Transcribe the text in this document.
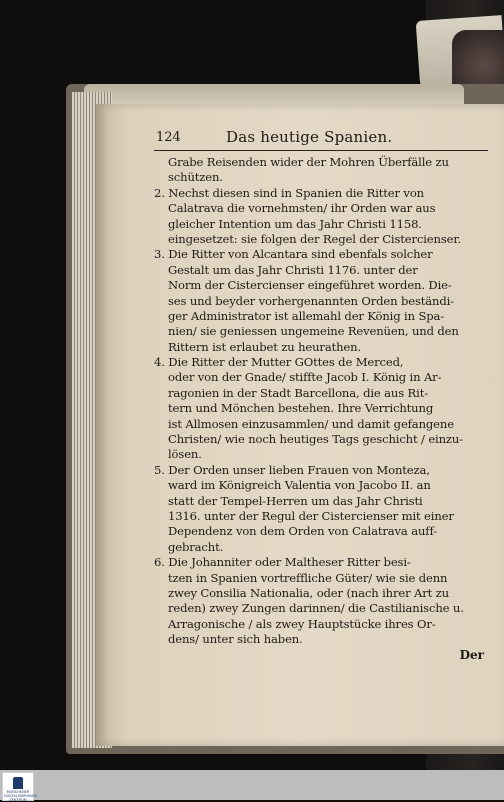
124	Das heutige Spanien.
Grabe Reisenden wider der Mohren Überfälle zu
schützen.
2. Nechst diesen sind in Spanien die Ritter von
Calatrava die vornehmsten/ ihr Orden war aus
gleicher Intention um das Jahr Christi 1158.
eingesetzet: sie folgen der Regel der Cistercienser.
3. Die Ritter von Alcantara sind ebenfals solcher
Gestalt um das Jahr Christi 1176. unter der
Norm der Cistercienser eingeführet worden. Die-
ses und beyder vorhergenannten Orden beständi-
ger Administrator ist allemahl der König in Spa-
nien/ sie geniessen ungemeine Revenüen, und den
Rittern ist erlaubet zu heurathen.
4. Die Ritter der Mutter GOttes de Merced,
oder von der Gnade/ stiffte Jacob I. König in Ar-
ragonien in der Stadt Barcellona, die aus Rit-
tern und Mönchen bestehen. Ihre Verrichtung
ist Allmosen einzusammlen/ und damit gefangene
Christen/ wie noch heutiges Tags geschicht / einzu-
lösen.
5. Der Orden unser lieben Frauen von Monteza,
ward im Königreich Valentia von Jacobo II. an
statt der Tempel-Herren um das Jahr Christi
1316. unter der Regul der Cistercienser mit einer
Dependenz von dem Orden von Calatrava auff-
gebracht.
6. Die Johanniter oder Maltheser Ritter besi-
tzen in Spanien vortreffliche Güter/ wie sie denn
zwey Consilia Nationalia, oder (nach ihrer Art zu
reden) zwey Zungen darinnen/ die Castilianische u.
Arragonische / als zwey Hauptstücke ihres Or-
dens/ unter sich haben.
Der
MÜNCHENER DIGITALISIERUNGS ZENTRUM
